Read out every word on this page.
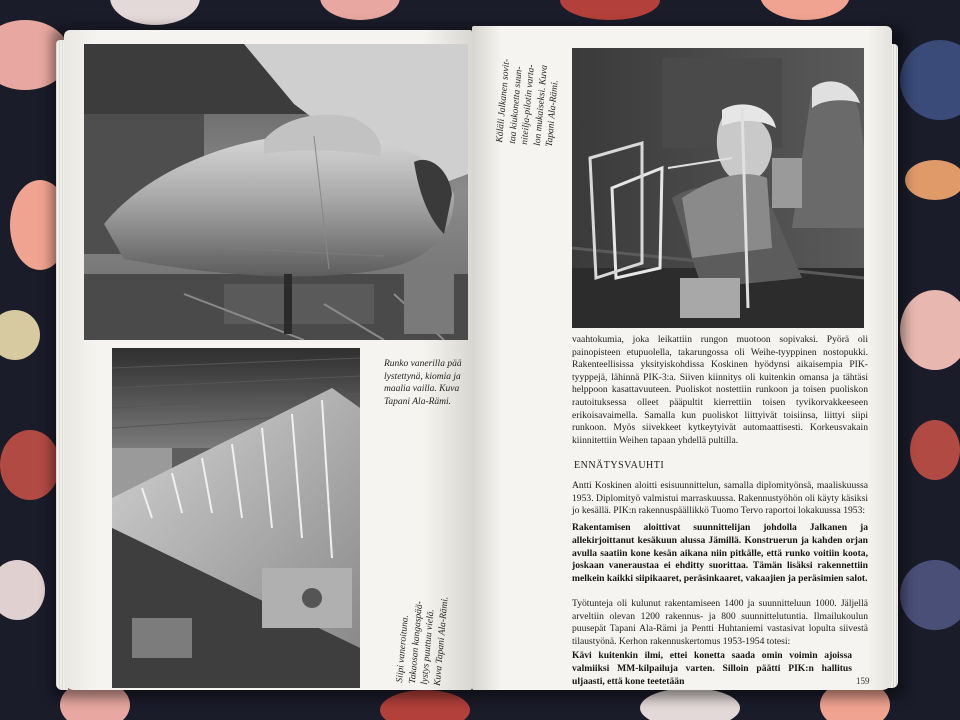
Runko vanerilla pää
lystettynä, kiomia ja
maalia vailla. Kuva
Tapani Ala-Rämi.
Siipi vaneroituna.
Takaosan kangaspää-
lystys puuttuu vielä.
Kuva Tapani Ala-Rämi.
Käläli Jalkanen sovit-
taa kiukonetta suun-
niteilja-pilotin varta-
lon mukaiseksi. Kuva
Tapani Ala-Rämi.

vaahtokumia, joka leikattiin rungon muotoon sopivaksi. Pyörä oli painopisteen etupuolella, takarungossa oli Weihe-tyyppinen nostopukki. Rakenteellisissa yksityiskohdissa Koskinen hyödynsi aikaisempia PIK-tyyppejä, lähinnä PIK-3:a. Siiven kiinnitys oli kuitenkin omansa ja tähtäsi helppoon kasattavuuteen. Puoliskot nostettiin runkoon ja toisen puoliskon rautoituksessa olleet pääpultit kierrettiin toisen tyvikorvakkeeseen erikoisavaimella. Samalla kun puoliskot liittyivät toisiinsa, liittyi siipi runkoon. Myös siivekkeet kytkeytyivät automaattisesti. Korkeusvakain kiinnitettiin Weihen tapaan yhdellä pultilla.

ENNÄTYSVAUHTI

Antti Koskinen aloitti esisuunnittelun, samalla diplomityönsä, maaliskuussa 1953. Diplomityö valmistui marraskuussa. Rakennustyöhön oli käyty käsiksi jo kesällä. PIK:n rakennuspäällikkö Tuomo Tervo raportoi lokakuussa 1953:

Rakentamisen aloittivat suunnittelijan johdolla Jalkanen ja allekirjoittanut kesäkuun alussa Jämillä. Konstruerun ja kahden orjan avulla saatiin kone kesän aikana niin pitkälle, että runko voitiin koota, joskaan vaneraustaa ei ehditty suorittaa. Tämän lisäksi rakennettiin melkein kaikki siipikaaret, peräsinkaaret, vakaajien ja peräsimien salot.

Työtunteja oli kulunut rakentamiseen 1400 ja suunnitteluun 1000. Jäljellä arveltiin olevan 1200 rakennus- ja 800 suunnittelutuntia. Ilmailukoulun puusepät Tapani Ala-Rämi ja Pentti Huhtaniemi vastasivat lopulta siivestä tilaustyönä. Kerhon rakennuskertomus 1953-1954 totesi:

Kävi kuitenkin ilmi, ettei konetta saada omin voimin ajoissa valmiiksi MM-kilpailuja varten. Silloin päätti PIK:n hallitus uljaasti, että kone teetetään	159
